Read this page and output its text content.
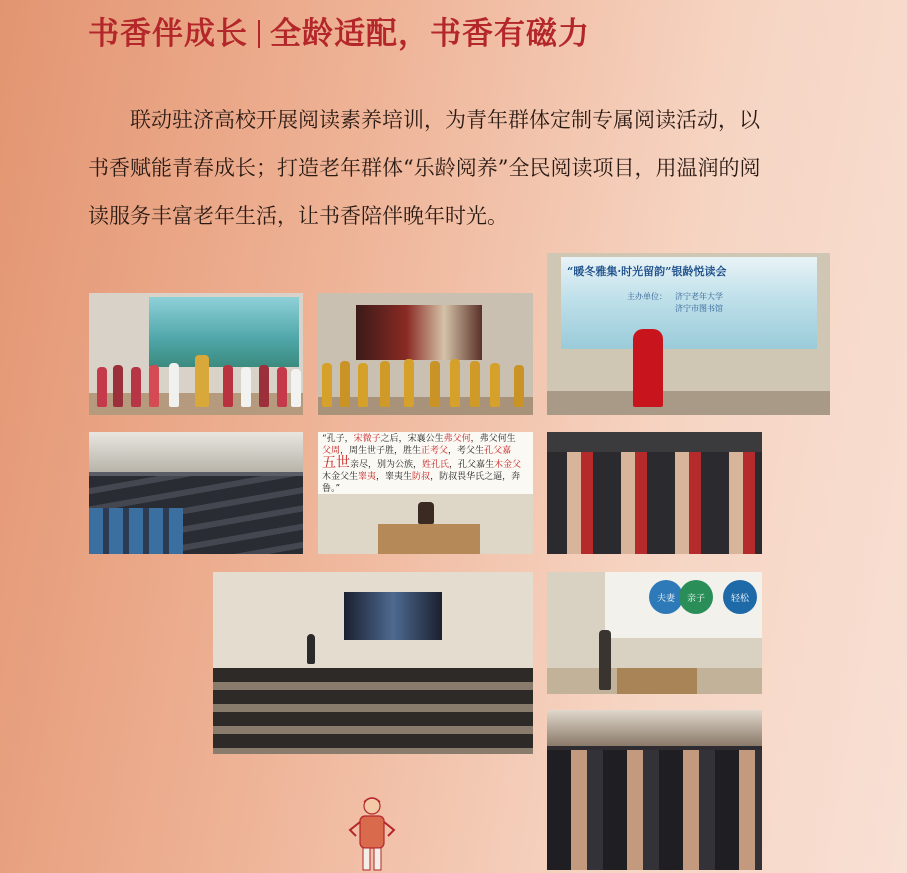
书香伴成长 全龄适配，书香有磁力
联动驻济高校开展阅读素养培训，为青年群体定制专属阅读活动，以书香赋能青春成长；打造老年群体“乐龄阅养”全民阅读项目，用温润的阅读服务丰富老年生活，让书香陪伴晚年时光。
“暖冬雅集·时光留韵”银龄悦读会
主办单位： 济宁老年大学
济宁市图书馆
“孔子，宋微子之后，宋襄公生弗父何，弗父何生
父周，周生世子胜，胜生正考父，考父生孔父嘉
五世亲尽，别为公族，姓孔氏，孔父嘉生木金父
木金父生睾夷，睾夷生防叔，防叔畏华氏之逼，奔
鲁。”
夫妻	亲子	轻松
